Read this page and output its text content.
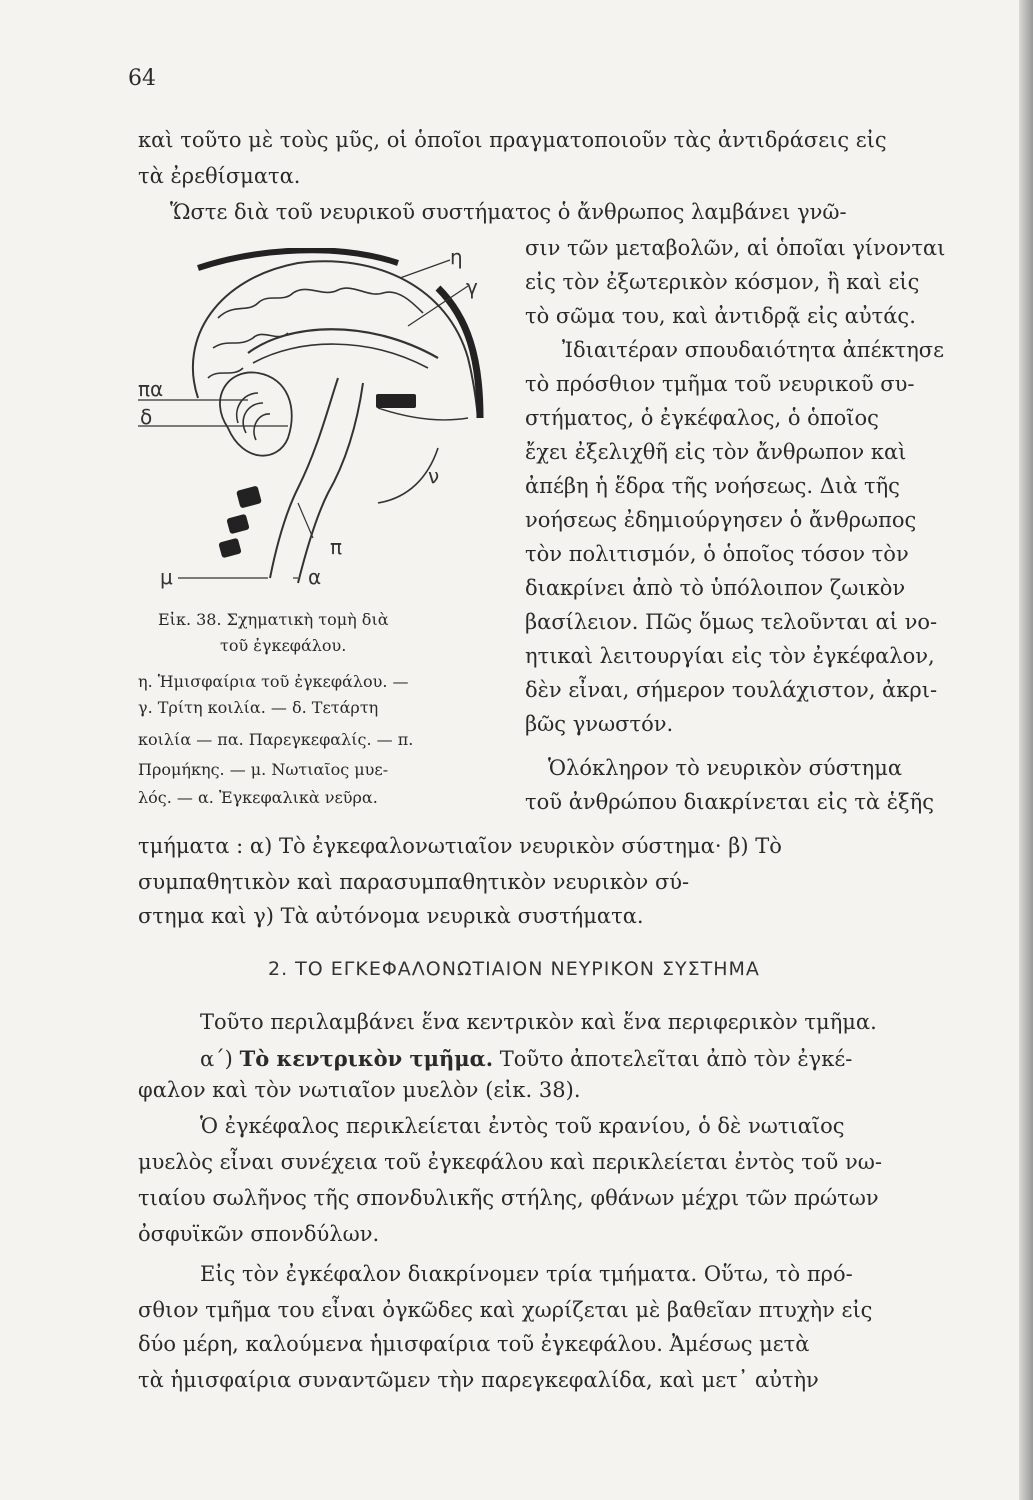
64
καὶ τοῦτο μὲ τοὺς μῦς, οἱ ὁποῖοι πραγματοποιοῦν τὰς ἀντιδράσεις εἰς
τὰ ἐρεθίσματα.
Ὥστε διὰ τοῦ νευρικοῦ συστήματος ὁ ἄνθρωπος λαμβάνει γνῶ-
σιν τῶν μεταβολῶν, αἱ ὁποῖαι γίνονται
εἰς τὸν ἐξωτερικὸν κόσμον, ἢ καὶ εἰς
τὸ σῶμα του, καὶ ἀντιδρᾷ εἰς αὐτάς.
Ἰδιαιτέραν σπουδαιότητα ἀπέκτησε
τὸ πρόσθιον τμῆμα τοῦ νευρικοῦ συ-
στήματος, ὁ ἐγκέφαλος, ὁ ὁποῖος
ἔχει ἐξελιχθῆ εἰς τὸν ἄνθρωπον καὶ
ἀπέβη ἡ ἕδρα τῆς νοήσεως. Διὰ τῆς
νοήσεως ἐδημιούργησεν ὁ ἄνθρωπος
τὸν πολιτισμόν, ὁ ὁποῖος τόσον τὸν
διακρίνει ἀπὸ τὸ ὑπόλοιπον ζωικὸν
βασίλειον. Πῶς ὅμως τελοῦνται αἱ νο-
ητικαὶ λειτουργίαι εἰς τὸν ἐγκέφαλον,
δὲν εἶναι, σήμερον τουλάχιστον, ἀκρι-
βῶς γνωστόν.
Ὁλόκληρον τὸ νευρικὸν σύστημα
τοῦ ἀνθρώπου διακρίνεται εἰς τὰ ἑξῆς
η
γ
πα
δ
ν
π
μ	α
Εἰκ. 38. Σχηματικὴ τομὴ διὰ
τοῦ ἐγκεφάλου.
η. Ἡμισφαίρια τοῦ ἐγκεφάλου. —
γ. Τρίτη κοιλία. — δ. Τετάρτη
κοιλία — πα. Παρεγκεφαλίς. — π.
Προμήκης. — μ. Νωτιαῖος μυε-
λός. — α. Ἐγκεφαλικὰ νεῦρα.
τμήματα : α) Τὸ ἐγκεφαλονωτιαῖον νευρικὸν σύστημα· β) Τὸ
συμπαθητικὸν καὶ παρασυμπαθητικὸν νευρικὸν σύ-
στημα καὶ γ) Τὰ αὐτόνομα νευρικὰ συστήματα.
2. ΤΟ ΕΓΚΕΦΑΛΟΝΩΤΙΑΙΟΝ ΝΕΥΡΙΚΟΝ ΣΥΣΤΗΜΑ
Τοῦτο περιλαμβάνει ἕνα κεντρικὸν καὶ ἕνα περιφερικὸν τμῆμα.
α΄) Τὸ κεντρικὸν τμῆμα. Τοῦτο ἀποτελεῖται ἀπὸ τὸν ἐγκέ-
φαλον καὶ τὸν νωτιαῖον μυελὸν (εἰκ. 38).
Ὁ ἐγκέφαλος περικλείεται ἐντὸς τοῦ κρανίου, ὁ δὲ νωτιαῖος
μυελὸς εἶναι συνέχεια τοῦ ἐγκεφάλου καὶ περικλείεται ἐντὸς τοῦ νω-
τιαίου σωλῆνος τῆς σπονδυλικῆς στήλης, φθάνων μέχρι τῶν πρώτων
ὀσφυϊκῶν σπονδύλων.
Εἰς τὸν ἐγκέφαλον διακρίνομεν τρία τμήματα. Οὕτω, τὸ πρό-
σθιον τμῆμα του εἶναι ὀγκῶδες καὶ χωρίζεται μὲ βαθεῖαν πτυχὴν εἰς
δύο μέρη, καλούμενα ἡμισφαίρια τοῦ ἐγκεφάλου. Ἀμέσως μετὰ
τὰ ἡμισφαίρια συναντῶμεν τὴν παρεγκεφαλίδα, καὶ μετ᾽ αὐτὴν
